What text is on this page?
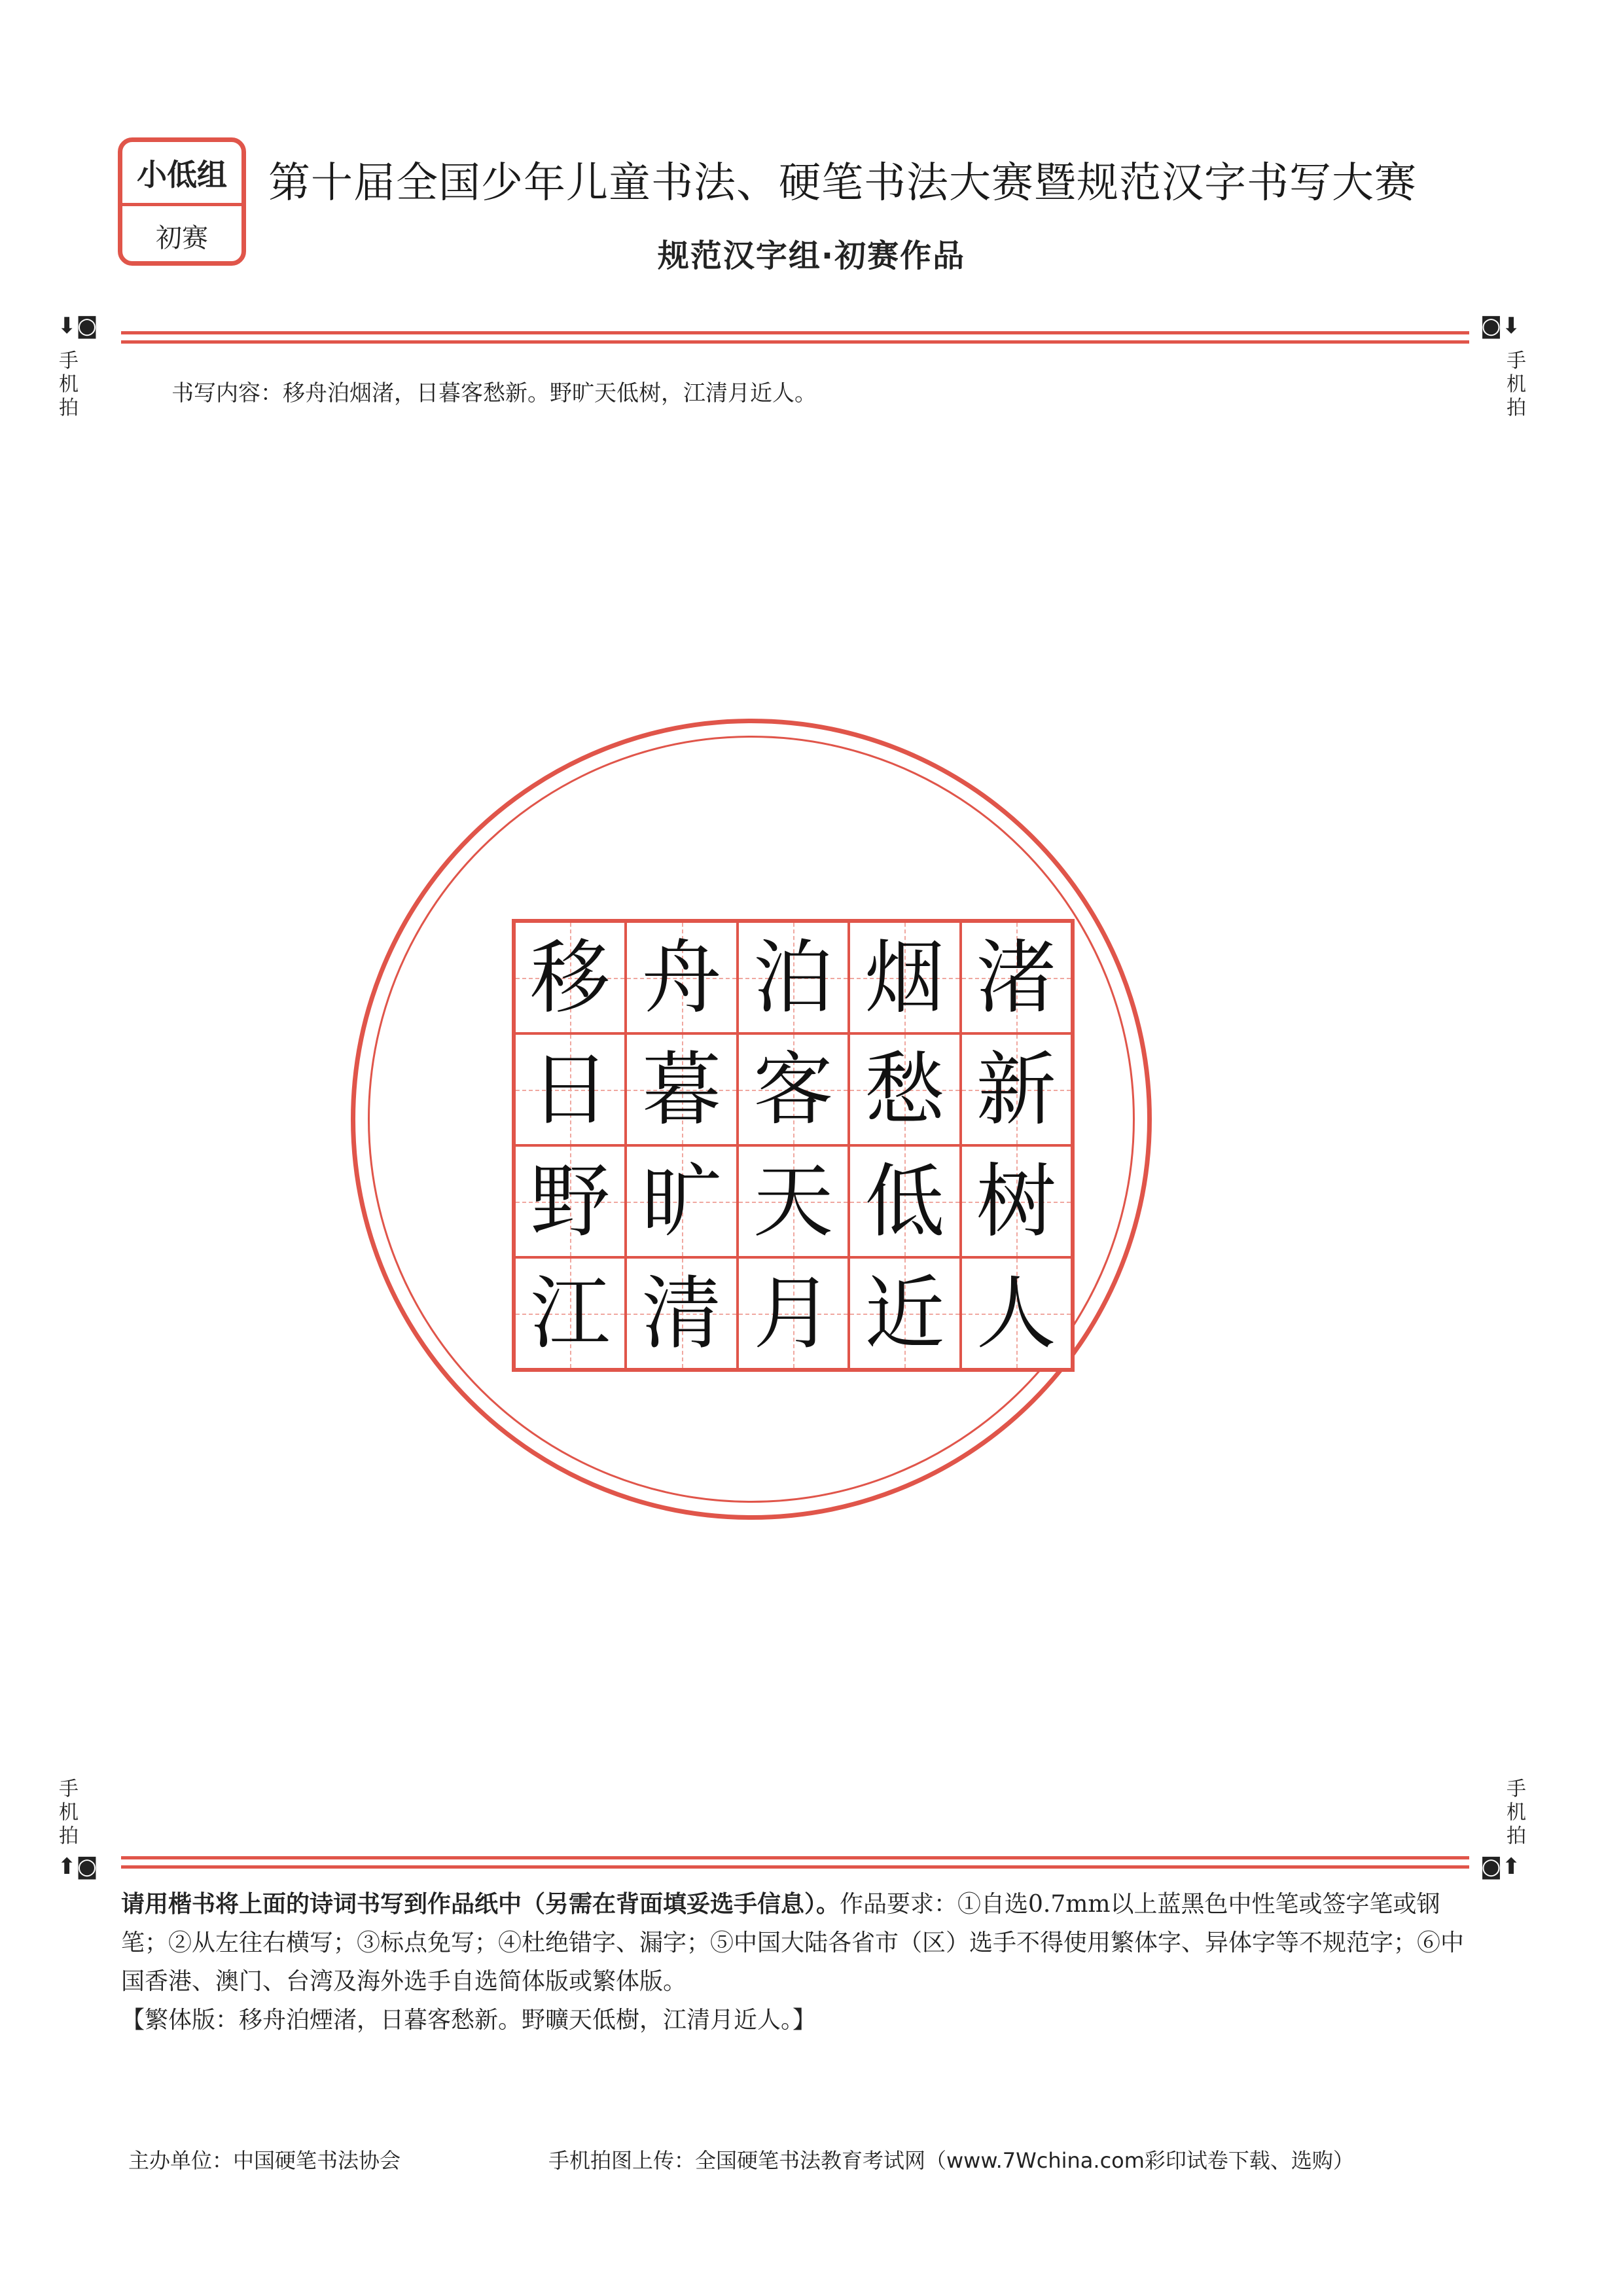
小低组
初赛
第十届全国少年儿童书法、硬笔书法大赛暨规范汉字书写大赛
规范汉字组·初赛作品
⬇◙
手机拍
◙⬇
手机拍
书写内容：移舟泊烟渚，日暮客愁新。野旷天低树，江清月近人。
移 舟 泊 烟 渚
日 暮 客 愁 新
野 旷 天 低 树
江 清 月 近 人
手机拍
⬆◙
手机拍
◙⬆
请用楷书将上面的诗词书写到作品纸中（另需在背面填妥选手信息）。作品要求：①自选0.7mm以上蓝黑色中性笔或签字笔或钢笔；②从左往右横写；③标点免写；④杜绝错字、漏字；⑤中国大陆各省市（区）选手不得使用繁体字、异体字等不规范字；⑥中国香港、澳门、台湾及海外选手自选简体版或繁体版。
【繁体版：移舟泊煙渚，日暮客愁新。野曠天低樹，江清月近人。】
主办单位：中国硬笔书法协会	手机拍图上传：全国硬笔书法教育考试网（www.7Wchina.com彩印试卷下载、选购）
